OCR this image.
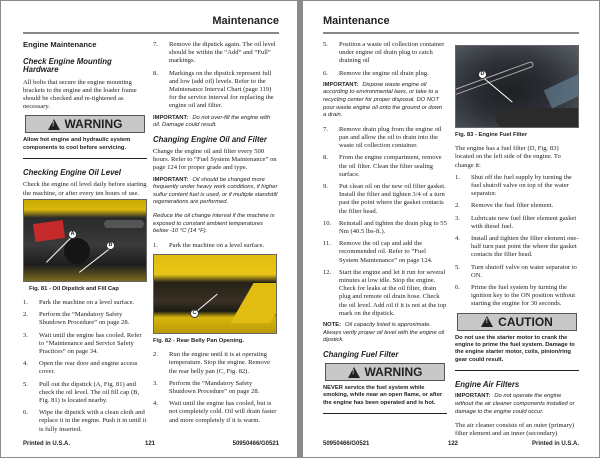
Maintenance
Engine Maintenance
Check Engine Mounting Hardware

All bolts that secure the engine mounting brackets to the engine and the loader frame should be checked and re-tightened as necessary.

!
WARNING
Allow hot engine and hydraulic system components to cool before servicing.
Checking Engine Oil Level

Check the engine oil level daily before starting the machine, or after every ten hours of use.

A
B
Fig. 81 - Oil Dipstick and Fill Cap
1.	Park the machine on a level surface.
2.	Perform the “Mandatory Safety Shutdown Procedure” on page 28.
3.	Wait until the engine has cooled. Refer to “Maintenance and Service Safety Practices” on page 34.
4.	Open the rear door and engine access cover.
5.	Pull out the dipstick (A, Fig. 81) and check the oil level. The oil fill cap (B, Fig. 81) is located nearby.
6.	Wipe the dipstick with a clean cloth and replace it in the engine. Push it in until it is fully inserted.
7.	Remove the dipstick again. The oil level should be within the “Add” and “Full” markings.
8.	Markings on the dipstick represent full and low (add oil) levels. Refer to the Maintenance Interval Chart (page 119) for the service interval for replacing the engine oil and filter.
IMPORTANT: Do not over-fill the engine with oil. Damage could result.
Changing Engine Oil and Filter

Change the engine oil and filter every 500 hours. Refer to “Fuel System Maintenance” on page 124 for proper grade and type.

IMPORTANT: Oil should be changed more frequently under heavy work conditions, if higher sulfur content fuel is used, or if multiple standstill regenerations are performed.
Reduce the oil change interval if the machine is exposed to constant ambient temperatures below -10 °C (14 °F).
1.	Park the machine on a level surface.
C
Fig. 82 - Rear Belly Pan Opening.
2.	Run the engine until it is at operating temperature. Stop the engine. Remove the rear belly pan (C, Fig. 82).
3.	Perform the “Mandatory Safety Shutdown Procedure” on page 28.
4.	Wait until the engine has cooled, but is not completely cold. Oil will drain faster and more completely if it is warm.
Printed in U.S.A.	121	50950466/G0521
Maintenance
5.	Position a waste oil collection container under engine oil drain plug to catch draining oil
6.	Remove the engine oil drain plug.
IMPORTANT: Dispose waste engine oil according to environmental laws, or take to a recycling center for proper disposal. DO NOT pour waste engine oil onto the ground or down a drain.
7.	Remove drain plug from the engine oil pan and allow the oil to drain into the waste oil collection container.
8.	From the engine compartment, remove the oil filter. Clean the filter sealing surface.
9.	Put clean oil on the new oil filter gasket. Install the filter and tighten 3/4 of a turn past the point where the gasket contacts the filter head.
10.	Reinstall and tighten the drain plug to 55 Nm (40.5 lbs-ft.).
11.	Remove the oil cap and add the recommended oil. Refer to “Fuel System Maintenance” on page 124.
12.	Start the engine and let it run for several minutes at low idle. Stop the engine. Check for leaks at the oil filter, drain plug and remote oil drain hose. Check the oil level. Add oil if it is not at the top mark on the dipstick.
NOTE: Oil capacity listed is approximate. Always verify proper oil level with the engine oil dipstick.
Changing Fuel Filter
!
WARNING
NEVER service the fuel system while smoking, while near an open flame, or after the engine has been operated and is hot.
D
Fig. 83 - Engine Fuel Filter

The engine has a fuel filter (D, Fig. 83) located on the left side of the engine. To change it:

1.	Shut off the fuel supply by turning the fuel shutoff valve on top of the water separator.
2.	Remove the fuel filter element.
3.	Lubricate new fuel filter element gasket with diesel fuel.
4.	Install and tighten the filter element one-half turn past point the where the gasket contacts the filter head.
5.	Turn shutoff valve on water separator to ON.
6.	Prime the fuel system by turning the ignition key to the ON position without starting the engine for 30 seconds.
!
CAUTION
Do not use the starter motor to crank the engine to prime the fuel system. Damage to the engine starter motor, coils, pinion/ring gear could result.
Engine Air Filters
IMPORTANT: Do not operate the engine without the air cleaner components installed or damage to the engine could occur.

The air cleaner consists of an outer (primary) filter element and an inner (secondary)

50950466/G0521	122	Printed in U.S.A.
